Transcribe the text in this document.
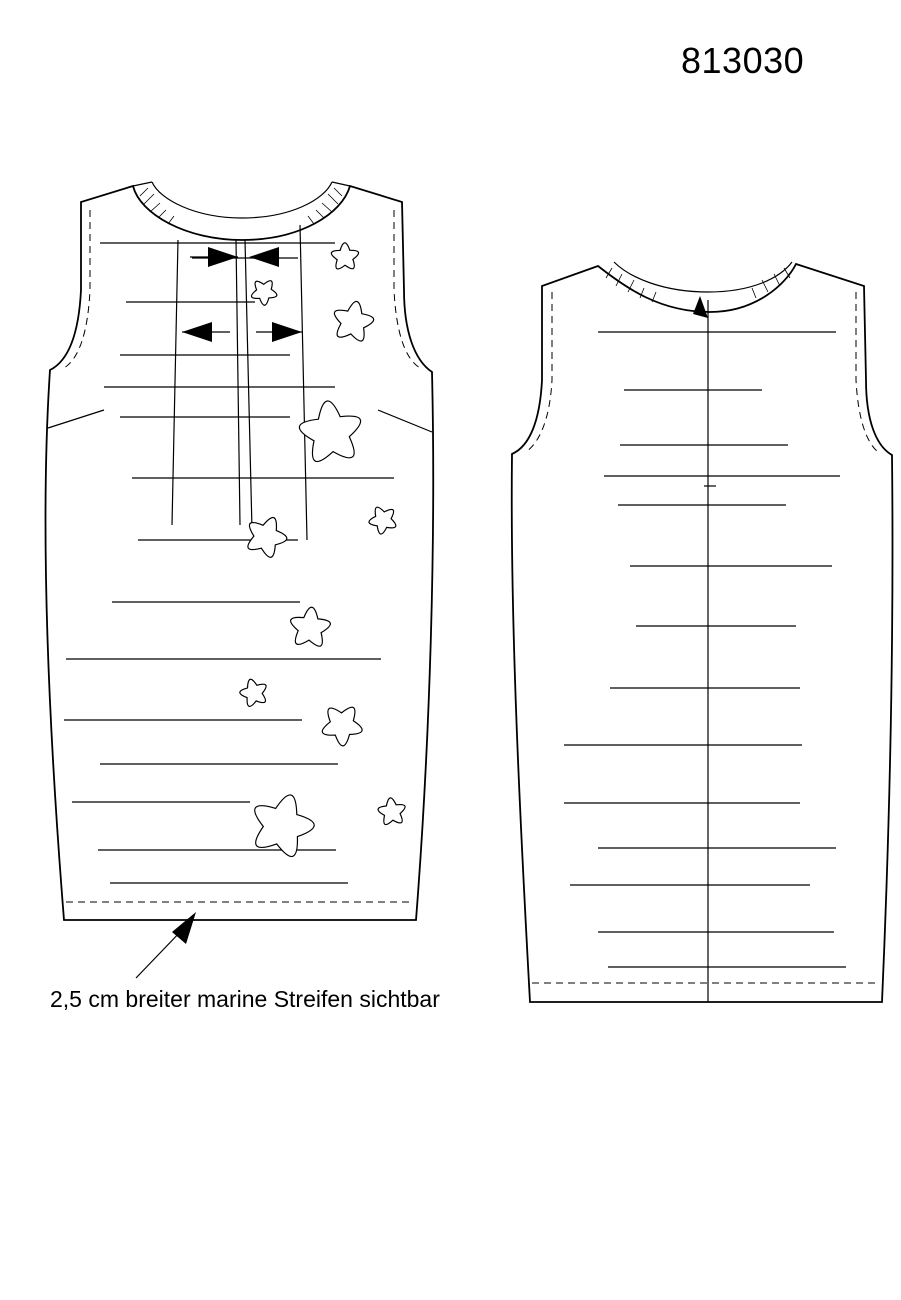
813030
2,5 cm breiter marine Streifen sichtbar
